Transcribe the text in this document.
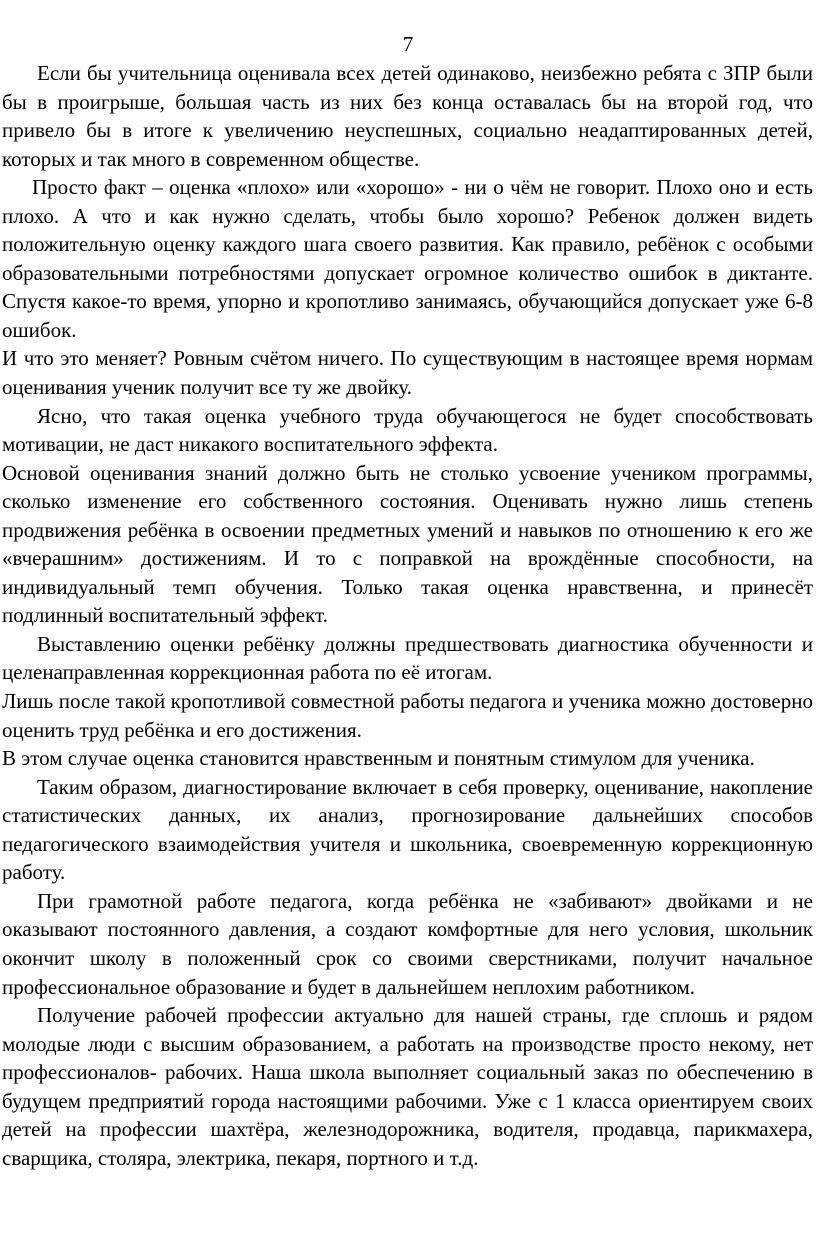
7

Если бы учительница оценивала всех детей одинаково, неизбежно ребята с ЗПР были бы в проигрыше, большая часть из них без конца оставалась бы на второй год, что привело бы в итоге к увеличению неуспешных, социально неадаптированных детей, которых и так много в современном обществе.

Просто факт – оценка «плохо» или «хорошо» - ни о чём не говорит. Плохо оно и есть плохо. А что и как нужно сделать, чтобы было хорошо? Ребенок должен видеть положительную оценку каждого шага своего развития. Как правило, ребёнок с особыми образовательными потребностями допускает огромное количество ошибок в диктанте. Спустя какое-то время, упорно и кропотливо занимаясь, обучающийся допускает уже 6-8 ошибок.

И что это меняет? Ровным счётом ничего. По существующим в настоящее время нормам оценивания ученик получит все ту же двойку.

Ясно, что такая оценка учебного труда обучающегося не будет способствовать мотивации, не даст никакого воспитательного эффекта.

Основой оценивания знаний должно быть не столько усвоение учеником программы, сколько изменение его собственного состояния. Оценивать нужно лишь степень продвижения ребёнка в освоении предметных умений и навыков по отношению к его же «вчерашним» достижениям. И то с поправкой на врождённые способности, на индивидуальный темп обучения. Только такая оценка нравственна, и принесёт подлинный воспитательный эффект.

Выставлению оценки ребёнку должны предшествовать диагностика обученности и целенаправленная коррекционная работа по её итогам.

Лишь после такой кропотливой совместной работы педагога и ученика можно достоверно оценить труд ребёнка и его достижения.

В этом случае оценка становится нравственным и понятным стимулом для ученика.

Таким образом, диагностирование включает в себя проверку, оценивание, накопление статистических данных, их анализ, прогнозирование дальнейших способов педагогического взаимодействия учителя и школьника, своевременную коррекционную работу.

При грамотной работе педагога, когда ребёнка не «забивают» двойками и не оказывают постоянного давления, а создают комфортные для него условия, школьник окончит школу в положенный срок со своими сверстниками, получит начальное профессиональное образование и будет в дальнейшем неплохим работником.

Получение рабочей профессии актуально для нашей страны, где сплошь и рядом молодые люди с высшим образованием, а работать на производстве просто некому, нет профессионалов- рабочих. Наша школа выполняет социальный заказ по обеспечению в будущем предприятий города настоящими рабочими. Уже с 1 класса ориентируем своих детей на профессии шахтёра, железнодорожника, водителя, продавца, парикмахера, сварщика, столяра, электрика, пекаря, портного и т.д.
